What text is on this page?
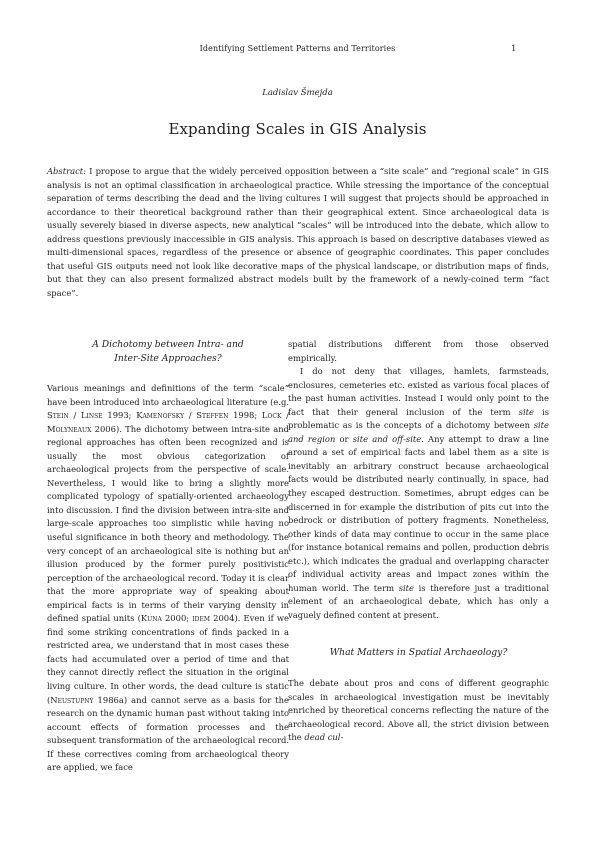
Identifying Settlement Patterns and Territories	1
Ladislav Šmejda
Expanding Scales in GIS Analysis

Abstract: I propose to argue that the widely perceived opposition between a “site scale” and “regional scale” in GIS analysis is not an optimal classification in archaeological practice. While stressing the importance of the conceptual separation of terms describing the dead and the living cultures I will suggest that projects should be approached in accordance to their theoretical background rather than their geographical extent. Since archaeological data is usually severely biased in diverse aspects, new analytical “scales” will be introduced into the debate, which allow to address questions previously inaccessible in GIS analysis. This approach is based on descriptive databases viewed as multi-dimensional spaces, regardless of the presence or absence of geographic coordinates. This paper concludes that useful GIS outputs need not look like decorative maps of the physical landscape, or distribution maps of finds, but that they can also present formalized abstract models built by the framework of a newly-coined term “fact space”.

A Dichotomy between Intra- and
Inter-Site Approaches?

Various meanings and definitions of the term “scale” have been introduced into archaeological literature (e.g. Stein / Linse 1993; Kamenofsky / Steffen 1998; Lock / Molyneaux 2006). The dichotomy between intra-site and regional approaches has often been recognized and is usually the most obvious categorization of archaeological projects from the perspective of scale. Nevertheless, I would like to bring a slightly more complicated typology of spatially-oriented archaeology into discussion. I find the division between intra-site and large-scale approaches too simplistic while having no useful significance in both theory and methodology. The very concept of an archaeological site is nothing but an illusion produced by the former purely positivistic perception of the archaeological record. Today it is clear that the more appropriate way of speaking about empirical facts is in terms of their varying density in defined spatial units (Kuna 2000; idem 2004). Even if we find some striking concentrations of finds packed in a restricted area, we understand that in most cases these facts had accumulated over a period of time and that they cannot directly reflect the situation in the original living culture. In other words, the dead culture is static (Neustupný 1986a) and cannot serve as a basis for the research on the dynamic human past without taking into account effects of formation processes and the subsequent transformation of the archaeological record. If these correctives coming from archaeological theory are applied, we face

spatial distributions different from those observed empirically.

I do not deny that villages, hamlets, farmsteads, enclosures, cemeteries etc. existed as various focal places of the past human activities. Instead I would only point to the fact that their general inclusion of the term site is problematic as is the concepts of a dichotomy between site and region or site and off-site. Any attempt to draw a line around a set of empirical facts and label them as a site is inevitably an arbitrary construct because archaeological facts would be distributed nearly continually, in space, had they escaped destruction. Sometimes, abrupt edges can be discerned in for example the distribution of pits cut into the bedrock or distribution of pottery fragments. Nonetheless, other kinds of data may continue to occur in the same place (for instance botanical remains and pollen, production debris etc.), which indicates the gradual and overlapping character of individual activity areas and impact zones within the human world. The term site is therefore just a traditional element of an archaeological debate, which has only a vaguely defined content at present.

What Matters in Spatial Archaeology?

The debate about pros and cons of different geographic scales in archaeological investigation must be inevitably enriched by theoretical concerns reflecting the nature of the archaeological record. Above all, the strict division between the dead cul-
